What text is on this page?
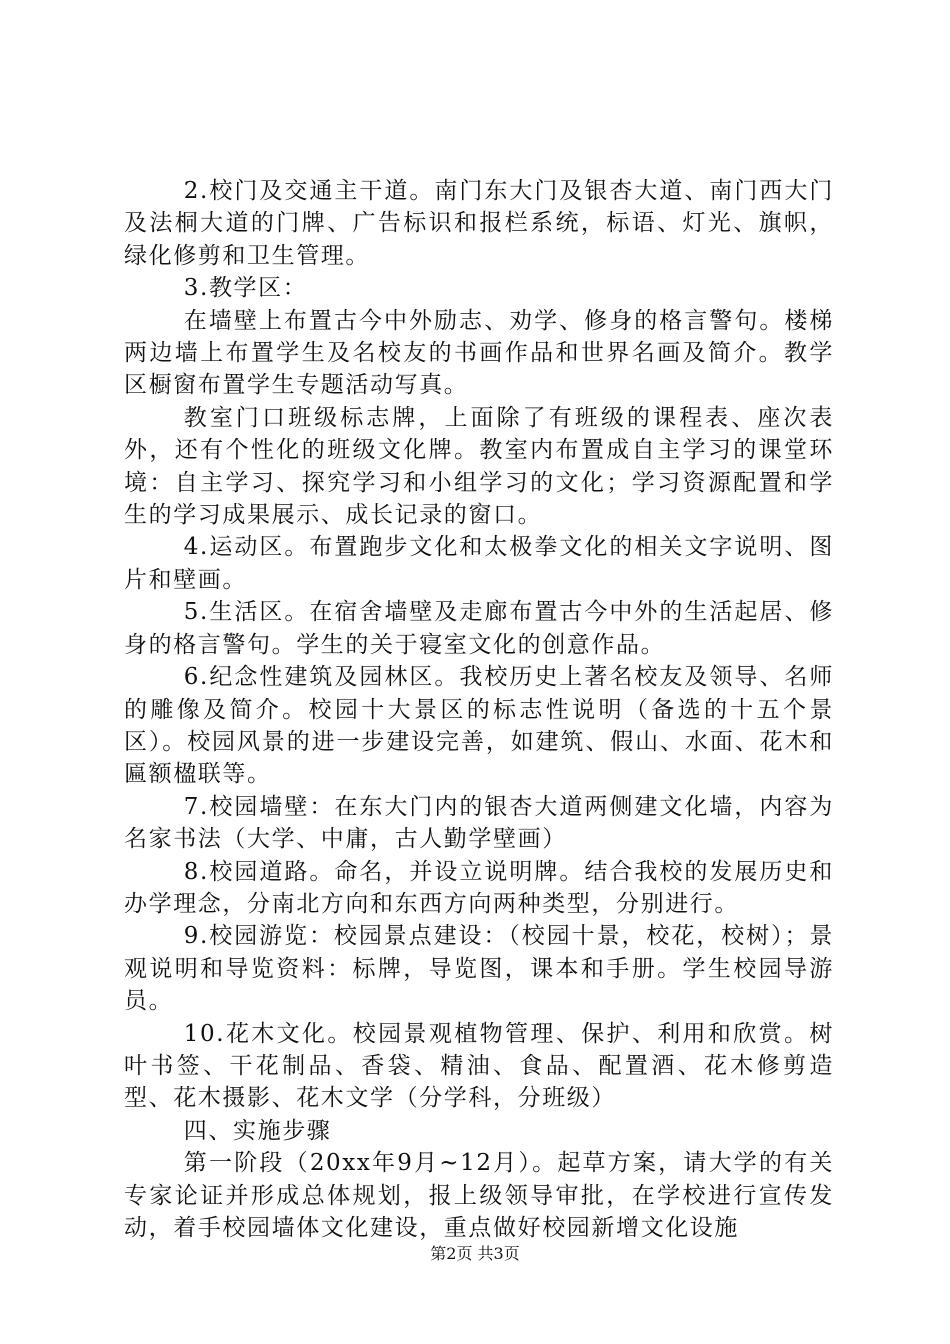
2.校门及交通主干道。南门东大门及银杏大道、南门西大门及法桐大道的门牌、广告标识和报栏系统，标语、灯光、旗帜，绿化修剪和卫生管理。

3.教学区：

在墙壁上布置古今中外励志、劝学、修身的格言警句。楼梯两边墙上布置学生及名校友的书画作品和世界名画及简介。教学区橱窗布置学生专题活动写真。

教室门口班级标志牌，上面除了有班级的课程表、座次表外，还有个性化的班级文化牌。教室内布置成自主学习的课堂环境：自主学习、探究学习和小组学习的文化；学习资源配置和学生的学习成果展示、成长记录的窗口。

4.运动区。布置跑步文化和太极拳文化的相关文字说明、图片和壁画。

5.生活区。在宿舍墙壁及走廊布置古今中外的生活起居、修身的格言警句。学生的关于寝室文化的创意作品。

6.纪念性建筑及园林区。我校历史上著名校友及领导、名师的雕像及简介。校园十大景区的标志性说明（备选的十五个景区）。校园风景的进一步建设完善，如建筑、假山、水面、花木和匾额楹联等。

7.校园墙壁：在东大门内的银杏大道两侧建文化墙，内容为名家书法（大学、中庸，古人勤学壁画）

8.校园道路。命名，并设立说明牌。结合我校的发展历史和办学理念，分南北方向和东西方向两种类型，分别进行。

9.校园游览：校园景点建设：（校园十景，校花，校树）；景观说明和导览资料：标牌，导览图，课本和手册。学生校园导游员。

10.花木文化。校园景观植物管理、保护、利用和欣赏。树叶书签、干花制品、香袋、精油、食品、配置酒、花木修剪造型、花木摄影、花木文学（分学科，分班级）

四、实施步骤

第一阶段（20xx年9月~12月）。起草方案，请大学的有关专家论证并形成总体规划，报上级领导审批，在学校进行宣传发动，着手校园墙体文化建设，重点做好校园新增文化设施

第2页 共3页
